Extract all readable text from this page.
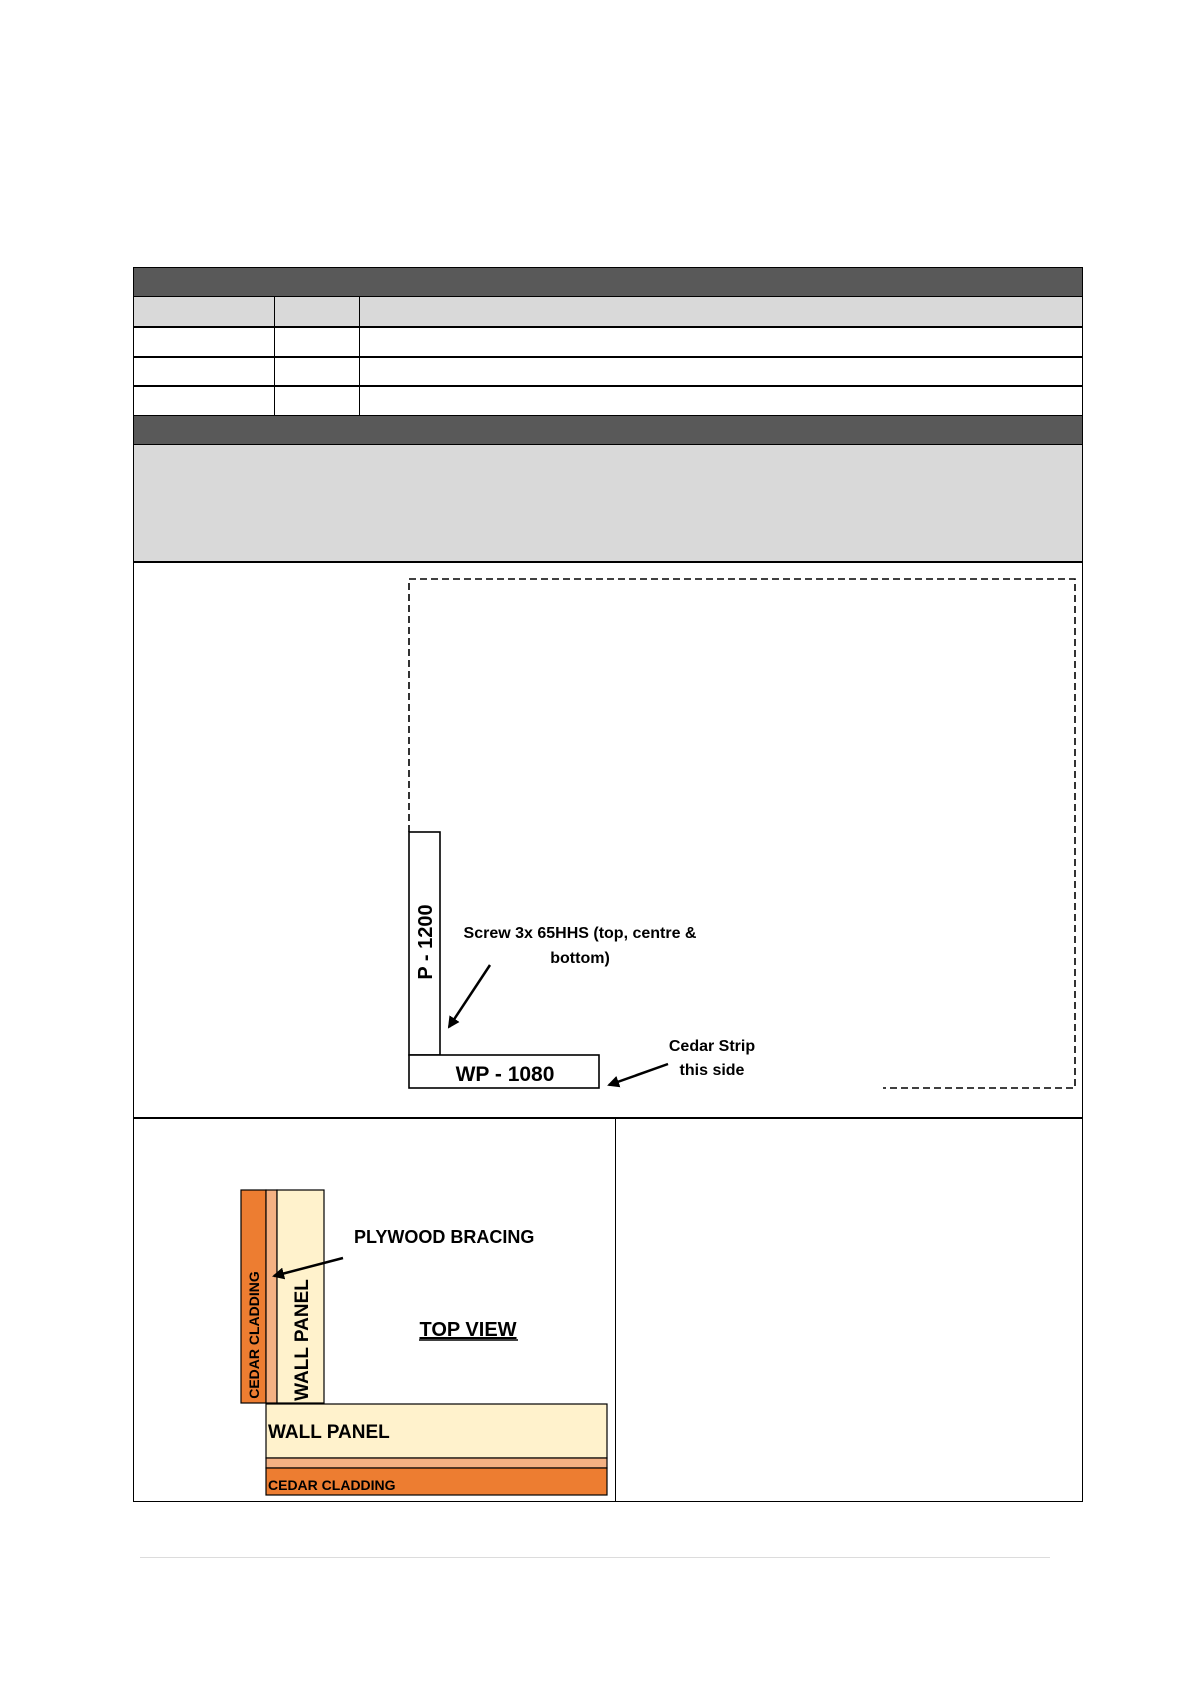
P - 1200
WP - 1080
Screw 3x 65HHS (top, centre &
bottom)
Cedar Strip
this side
CEDAR CLADDING WALL PANEL
WALL PANEL
CEDAR CLADDING
PLYWOOD BRACING
TOP VIEW
